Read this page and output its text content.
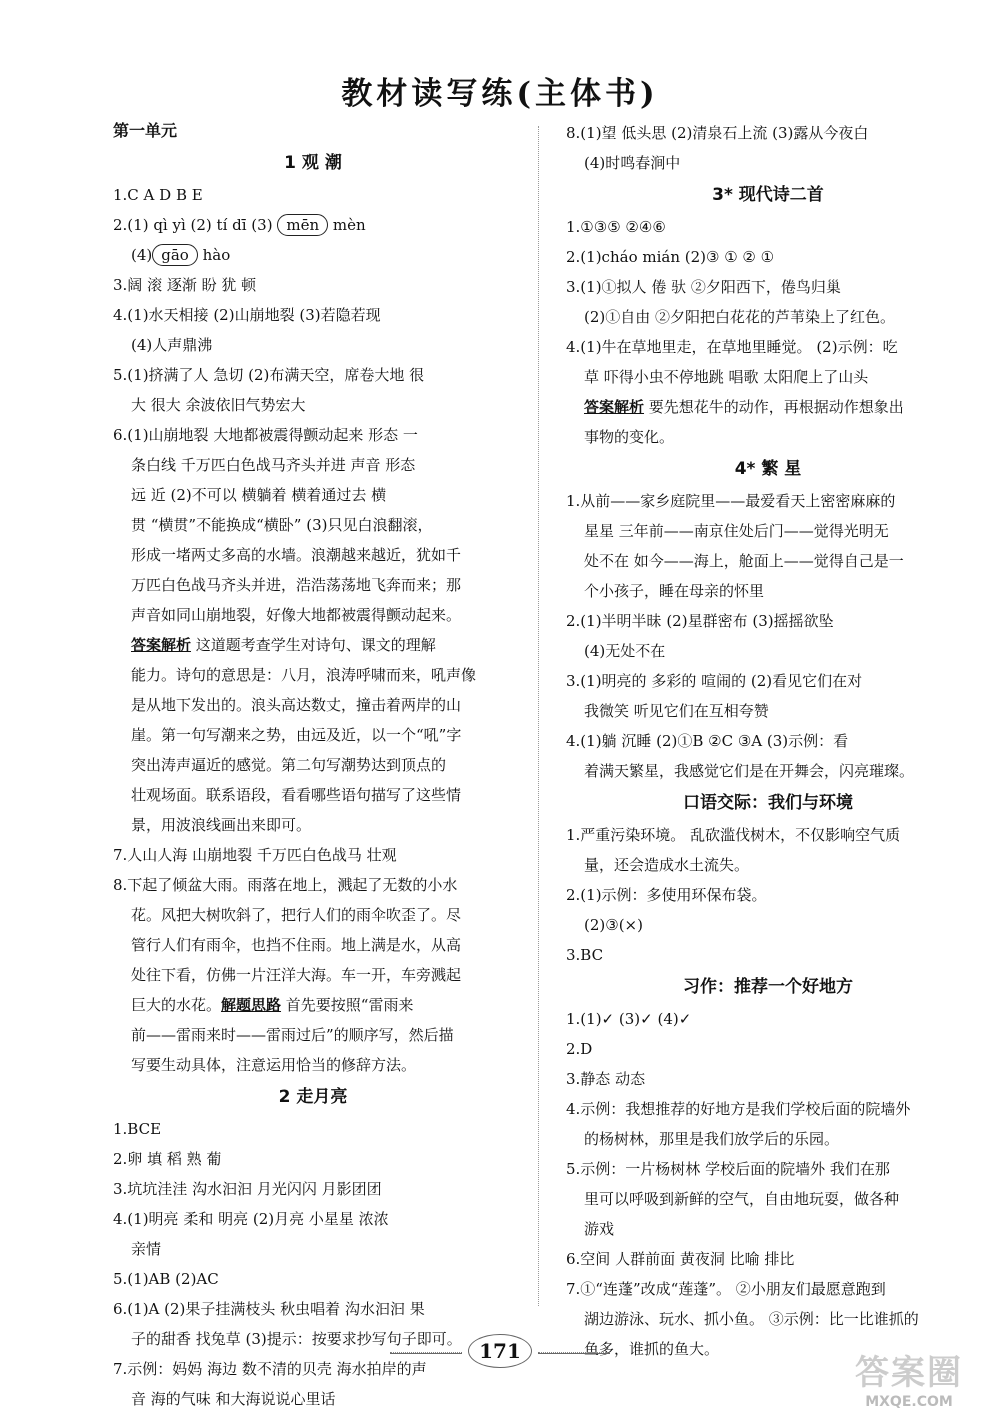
教材读写练(主体书)
第一单元
1 观 潮
1.C A D B E
2.(1) qì yì (2) tí dī (3) mēn mèn
(4) gāo hào
3.阔 滚 逐渐 盼 犹 顿
4.(1)水天相接 (2)山崩地裂 (3)若隐若现
(4)人声鼎沸
5.(1)挤满了人 急切 (2)布满天空，席卷大地 很
大 很大 余波依旧气势宏大
6.(1)山崩地裂 大地都被震得颤动起来 形态 一
条白线 千万匹白色战马齐头并进 声音 形态
远 近 (2)不可以 横躺着 横着通过去 横
贯 “横贯”不能换成“横卧” (3)只见白浪翻滚，
形成一堵两丈多高的水墙。浪潮越来越近，犹如千
万匹白色战马齐头并进，浩浩荡荡地飞奔而来；那
声音如同山崩地裂，好像大地都被震得颤动起来。
答案解析 这道题考查学生对诗句、课文的理解
能力。诗句的意思是：八月，浪涛呼啸而来，吼声像
是从地下发出的。浪头高达数丈，撞击着两岸的山
崖。第一句写潮来之势，由远及近，以一个“吼”字
突出涛声逼近的感觉。第二句写潮势达到顶点的
壮观场面。联系语段，看看哪些语句描写了这些情
景，用波浪线画出来即可。
7.人山人海 山崩地裂 千万匹白色战马 壮观
8.下起了倾盆大雨。雨落在地上，溅起了无数的小水
花。风把大树吹斜了，把行人们的雨伞吹歪了。尽
管行人们有雨伞，也挡不住雨。地上满是水，从高
处往下看，仿佛一片汪洋大海。车一开，车旁溅起
巨大的水花。解题思路 首先要按照“雷雨来
前——雷雨来时——雷雨过后”的顺序写，然后描
写要生动具体，注意运用恰当的修辞方法。
2 走月亮
1.BCE
2.卵 填 稻 熟 葡
3.坑坑洼洼 沟水汩汩 月光闪闪 月影团团
4.(1)明亮 柔和 明亮 (2)月亮 小星星 浓浓
亲情
5.(1)AB (2)AC
6.(1)A (2)果子挂满枝头 秋虫唱着 沟水汩汩 果
子的甜香 找兔草 (3)提示：按要求抄写句子即可。
7.示例：妈妈 海边 数不清的贝壳 海水拍岸的声
音 海的气味 和大海说说心里话
8.(1)望 低头思 (2)清泉石上流 (3)露从今夜白
(4)时鸣春涧中
3* 现代诗二首
1.①③⑤ ②④⑥
2.(1)cháo mián (2)③ ① ② ①
3.(1)①拟人 倦 驮 ②夕阳西下，倦鸟归巢
(2)①自由 ②夕阳把白花花的芦苇染上了红色。
4.(1)牛在草地里走，在草地里睡觉。 (2)示例：吃
草 吓得小虫不停地跳 唱歌 太阳爬上了山头
答案解析 要先想花牛的动作，再根据动作想象出
事物的变化。
4* 繁 星
1.从前——家乡庭院里——最爱看天上密密麻麻的
星星 三年前——南京住处后门——觉得光明无
处不在 如今——海上，舱面上——觉得自己是一
个小孩子，睡在母亲的怀里
2.(1)半明半昧 (2)星群密布 (3)摇摇欲坠
(4)无处不在
3.(1)明亮的 多彩的 喧闹的 (2)看见它们在对
我微笑 听见它们在互相夸赞
4.(1)躺 沉睡 (2)①B ②C ③A (3)示例：看
着满天繁星，我感觉它们是在开舞会，闪亮璀璨。
口语交际：我们与环境
1.严重污染环境。 乱砍滥伐树木，不仅影响空气质
量，还会造成水土流失。
2.(1)示例：多使用环保布袋。
(2)③(×)
3.BC
习作：推荐一个好地方
1.(1)✓ (3)✓ (4)✓
2.D
3.静态 动态
4.示例：我想推荐的好地方是我们学校后面的院墙外
的杨树林，那里是我们放学后的乐园。
5.示例：一片杨树林 学校后面的院墙外 我们在那
里可以呼吸到新鲜的空气，自由地玩耍，做各种
游戏
6.空间 人群前面 黄夜洞 比喻 排比
7.①“连蓬”改成“莲蓬”。 ②小朋友们最愿意跑到
湖边游泳、玩水、抓小鱼。 ③示例：比一比谁抓的
鱼多，谁抓的鱼大。
171
答案圈
MXQE.COM
